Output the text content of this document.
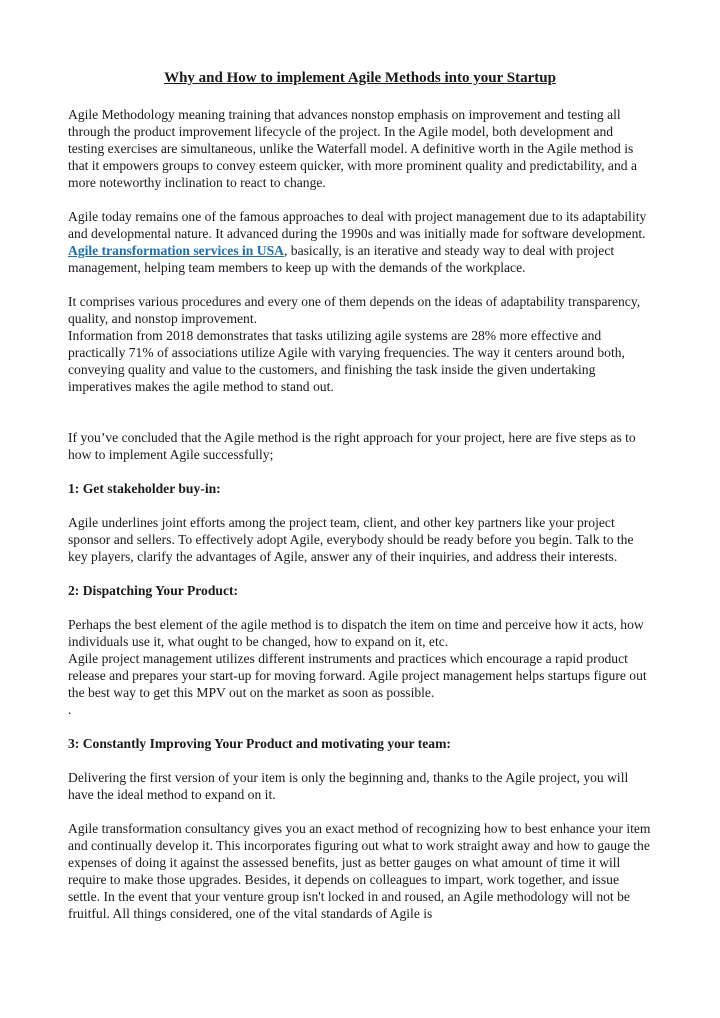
Why and How to implement Agile Methods into your Startup

Agile Methodology meaning training that advances nonstop emphasis on improvement and testing all through the product improvement lifecycle of the project. In the Agile model, both development and testing exercises are simultaneous, unlike the Waterfall model. A definitive worth in the Agile method is that it empowers groups to convey esteem quicker, with more prominent quality and predictability, and a more noteworthy inclination to react to change.

Agile today remains one of the famous approaches to deal with project management due to its adaptability and developmental nature. It advanced during the 1990s and was initially made for software development. Agile transformation services in USA, basically, is an iterative and steady way to deal with project management, helping team members to keep up with the demands of the workplace.

It comprises various procedures and every one of them depends on the ideas of adaptability transparency, quality, and nonstop improvement.

Information from 2018 demonstrates that tasks utilizing agile systems are 28% more effective and practically 71% of associations utilize Agile with varying frequencies. The way it centers around both, conveying quality and value to the customers, and finishing the task inside the given undertaking imperatives makes the agile method to stand out.

If you’ve concluded that the Agile method is the right approach for your project, here are five steps as to how to implement Agile successfully;

1: Get stakeholder buy-in:

Agile underlines joint efforts among the project team, client, and other key partners like your project sponsor and sellers. To effectively adopt Agile, everybody should be ready before you begin. Talk to the key players, clarify the advantages of Agile, answer any of their inquiries, and address their interests.

2: Dispatching Your Product:

Perhaps the best element of the agile method is to dispatch the item on time and perceive how it acts, how individuals use it, what ought to be changed, how to expand on it, etc.

Agile project management utilizes different instruments and practices which encourage a rapid product release and prepares your start-up for moving forward. Agile project management helps startups figure out the best way to get this MPV out on the market as soon as possible.

.

3: Constantly Improving Your Product and motivating your team:

Delivering the first version of your item is only the beginning and, thanks to the Agile project, you will have the ideal method to expand on it.

Agile transformation consultancy gives you an exact method of recognizing how to best enhance your item and continually develop it. This incorporates figuring out what to work straight away and how to gauge the expenses of doing it against the assessed benefits, just as better gauges on what amount of time it will require to make those upgrades. Besides, it depends on colleagues to impart, work together, and issue settle. In the event that your venture group isn't locked in and roused, an Agile methodology will not be fruitful. All things considered, one of the vital standards of Agile is
